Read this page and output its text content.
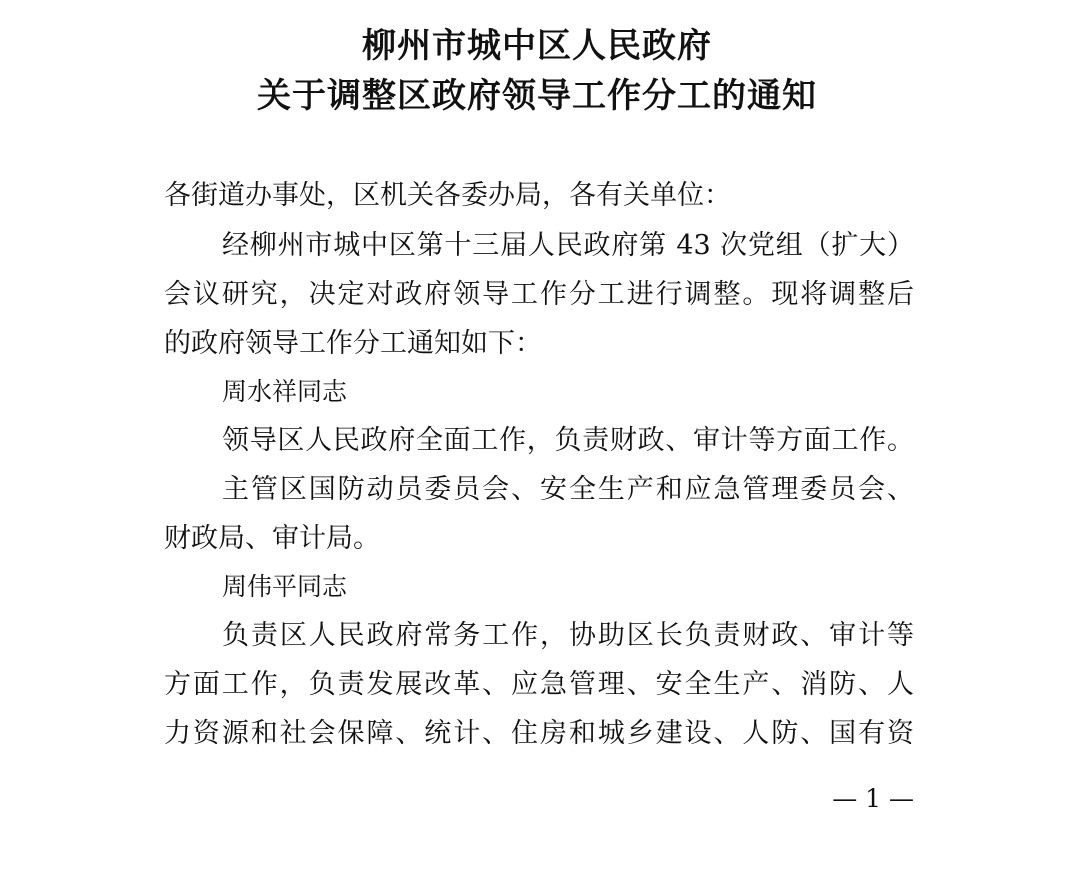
柳州市城中区人民政府
关于调整区政府领导工作分工的通知
各街道办事处，区机关各委办局，各有关单位：
经柳州市城中区第十三届人民政府第 43 次党组（扩大）
会议研究，决定对政府领导工作分工进行调整。现将调整后
的政府领导工作分工通知如下：
周水祥同志
领导区人民政府全面工作，负责财政、审计等方面工作。
主管区国防动员委员会、安全生产和应急管理委员会、
财政局、审计局。
周伟平同志
负责区人民政府常务工作，协助区长负责财政、审计等
方面工作，负责发展改革、应急管理、安全生产、消防、人
力资源和社会保障、统计、住房和城乡建设、人防、国有资
— 1 —
